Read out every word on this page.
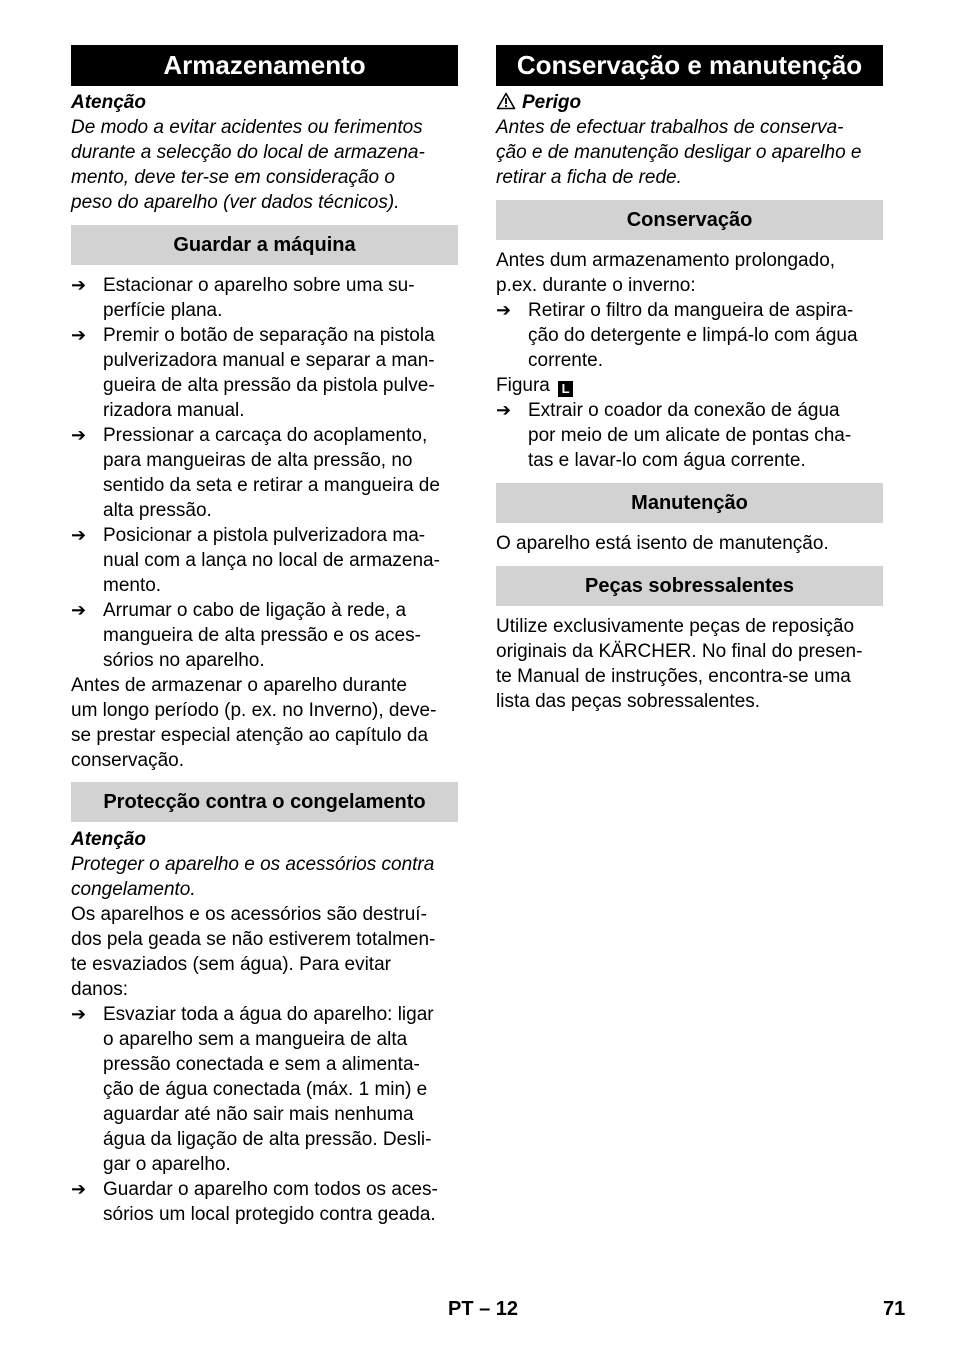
Armazenamento
Atenção
De modo a evitar acidentes ou ferimentos
durante a selecção do local de armazena-
mento, deve ter-se em consideração o
peso do aparelho (ver dados técnicos).
Guardar a máquina
➔ Estacionar o aparelho sobre uma su-
perfície plana.
➔ Premir o botão de separação na pistola
pulverizadora manual e separar a man-
gueira de alta pressão da pistola pulve-
rizadora manual.
➔ Pressionar a carcaça do acoplamento,
para mangueiras de alta pressão, no
sentido da seta e retirar a mangueira de
alta pressão.
➔ Posicionar a pistola pulverizadora ma-
nual com a lança no local de armazena-
mento.
➔ Arrumar o cabo de ligação à rede, a
mangueira de alta pressão e os aces-
sórios no aparelho.
Antes de armazenar o aparelho durante
um longo período (p. ex. no Inverno), deve-
se prestar especial atenção ao capítulo da
conservação.
Protecção contra o congelamento
Atenção
Proteger o aparelho e os acessórios contra
congelamento.
Os aparelhos e os acessórios são destruí-
dos pela geada se não estiverem totalmen-
te esvaziados (sem água). Para evitar
danos:
➔ Esvaziar toda a água do aparelho: ligar
o aparelho sem a mangueira de alta
pressão conectada e sem a alimenta-
ção de água conectada (máx. 1 min) e
aguardar até não sair mais nenhuma
água da ligação de alta pressão. Desli-
gar o aparelho.
➔ Guardar o aparelho com todos os aces-
sórios um local protegido contra geada.
Conservação e manutenção
Perigo
Antes de efectuar trabalhos de conserva-
ção e de manutenção desligar o aparelho e
retirar a ficha de rede.
Conservação
Antes dum armazenamento prolongado,
p.ex. durante o inverno:
➔ Retirar o filtro da mangueira de aspira-
ção do detergente e limpá-lo com água
corrente.
Figura L
➔ Extrair o coador da conexão de água
por meio de um alicate de pontas cha-
tas e lavar-lo com água corrente.
Manutenção
O aparelho está isento de manutenção.
Peças sobressalentes
Utilize exclusivamente peças de reposição
originais da KÄRCHER. No final do presen-
te Manual de instruções, encontra-se uma
lista das peças sobressalentes.
PT – 12	71
